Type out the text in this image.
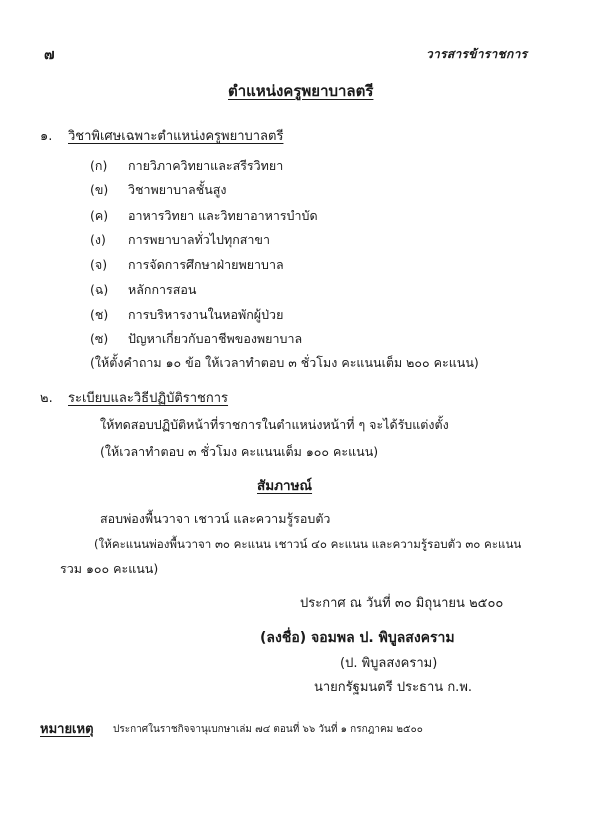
๗	วารสารข้าราชการ
ตำแหน่งครูพยาบาลตรี
๑. วิชาพิเศษเฉพาะตำแหน่งครูพยาบาลตรี
(ก) กายวิภาควิทยาและสรีรวิทยา
(ข) วิชาพยาบาลชั้นสูง
(ค) อาหารวิทยา และวิทยาอาหารบำบัด
(ง) การพยาบาลทั่วไปทุกสาขา
(จ) การจัดการศึกษาฝ่ายพยาบาล
(ฉ) หลักการสอน
(ช) การบริหารงานในหอพักผู้ป่วย
(ซ) ปัญหาเกี่ยวกับอาชีพของพยาบาล
(ให้ตั้งคำถาม ๑๐ ข้อ ให้เวลาทำตอบ ๓ ชั่วโมง คะแนนเต็ม ๒๐๐ คะแนน)
๒. ระเบียบและวิธีปฏิบัติราชการ
ให้ทดสอบปฏิบัติหน้าที่ราชการในตำแหน่งหน้าที่ ๆ จะได้รับแต่งตั้ง
(ให้เวลาทำตอบ ๓ ชั่วโมง คะแนนเต็ม ๑๐๐ คะแนน)
สัมภาษณ์
สอบพ่องพื้นวาจา เชาวน์ และความรู้รอบตัว
(ให้คะแนนพ่องพื้นวาจา ๓๐ คะแนน เชาวน์ ๔๐ คะแนน และความรู้รอบตัว ๓๐ คะแนน
รวม ๑๐๐ คะแนน)
ประกาศ ณ วันที่ ๓๐ มิถุนายน ๒๕๐๐
(ลงชื่อ) จอมพล ป. พิบูลสงคราม
(ป. พิบูลสงคราม)
นายกรัฐมนตรี ประธาน ก.พ.
หมายเหตุ ประกาศในราชกิจจานุเบกษาเล่ม ๗๔ ตอนที่ ๖๖ วันที่ ๑ กรกฎาคม ๒๕๐๐
